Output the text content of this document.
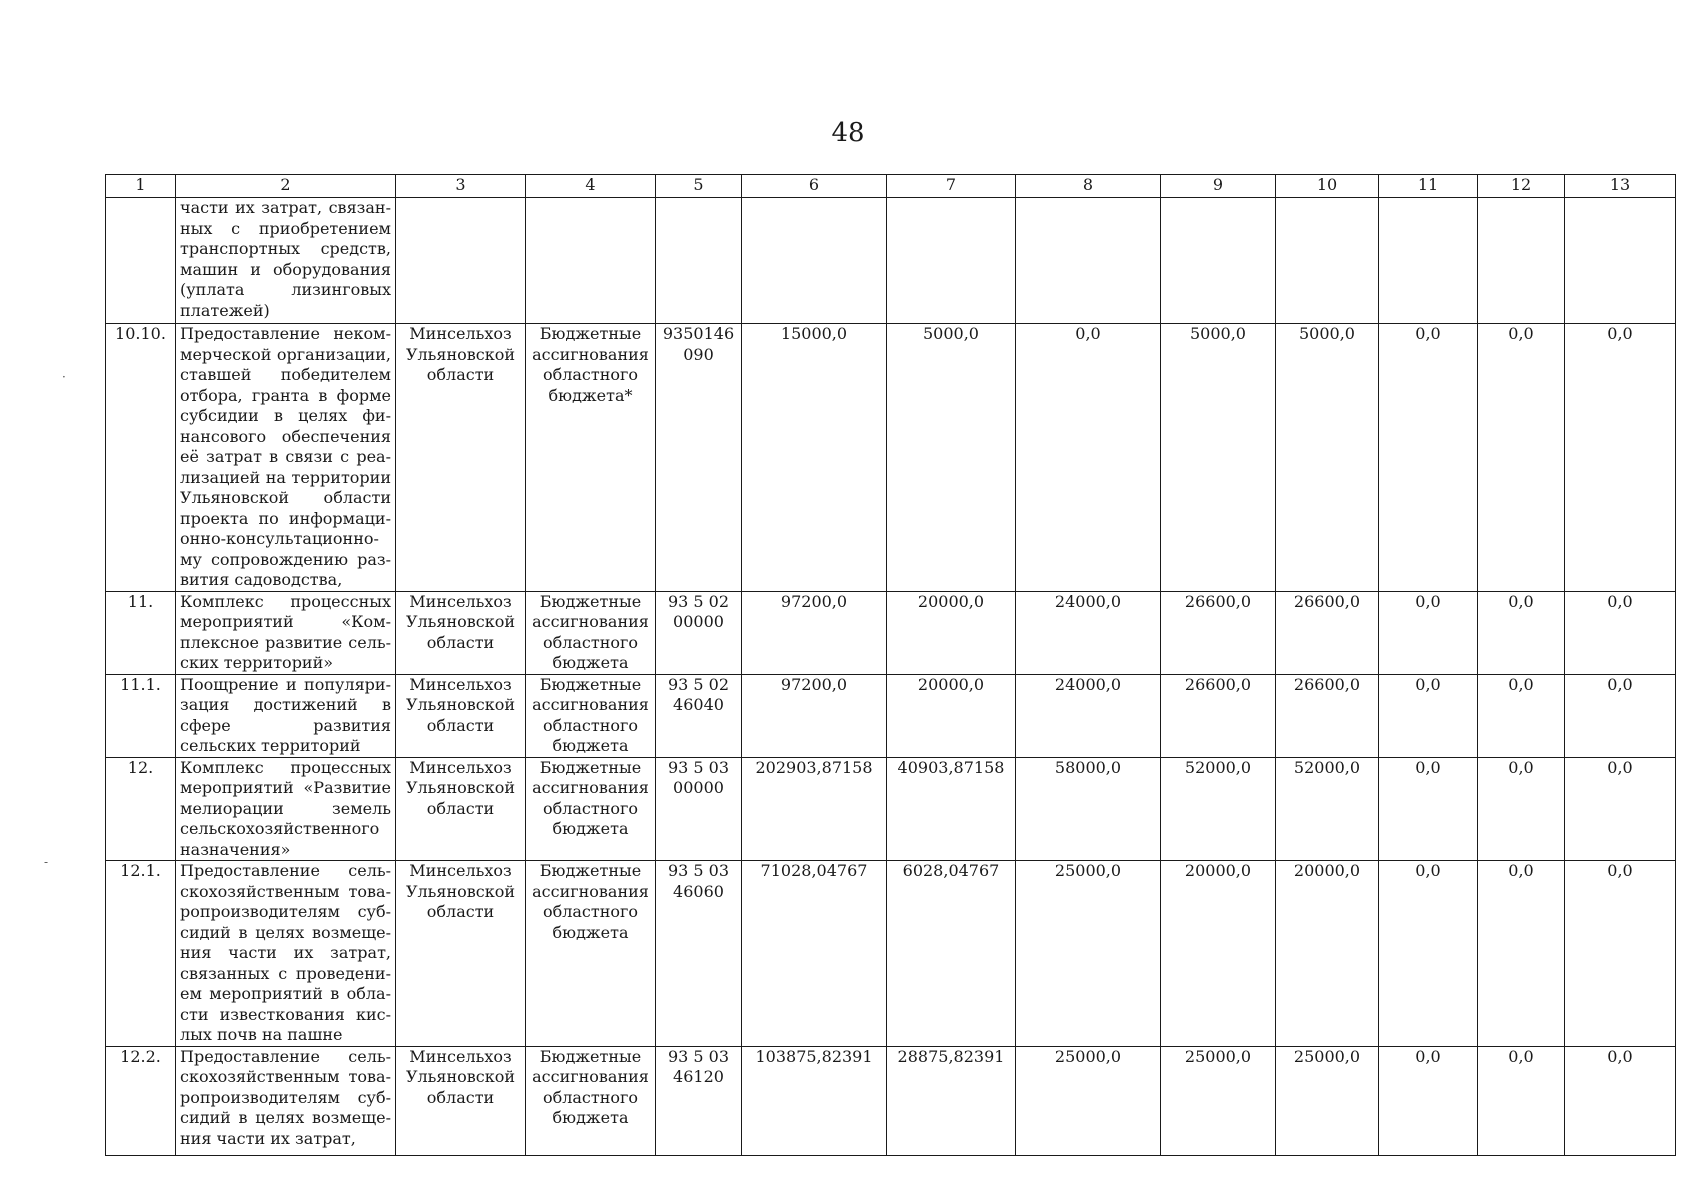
48
1	2	3	4	5	6	7	8	9	10	11	12	13
	части их затрат, связанных с приобретением транспортных средств, машин и оборудования (уплата лизинговых платежей)											
10.10.	Предоставление некоммерческой организации, ставшей победителем отбора, гранта в форме субсидии в целях финансового обеспечения её затрат в связи с реализацией на территории Ульяновской области проекта по информационно-консультационному сопровождению развития садоводства,	Минсельхоз Ульяновской области	Бюджетные ассигнования областного бюджета*	9350146 090	15000,0	5000,0	0,0	5000,0	5000,0	0,0	0,0	0,0
11.	Комплекс процессных мероприятий «Комплексное развитие сельских территорий»	Минсельхоз Ульяновской области	Бюджетные ассигнования областного бюджета	93 5 02 00000	97200,0	20000,0	24000,0	26600,0	26600,0	0,0	0,0	0,0
11.1.	Поощрение и популяризация достижений в сфере развития сельских территорий	Минсельхоз Ульяновской области	Бюджетные ассигнования областного бюджета	93 5 02 46040	97200,0	20000,0	24000,0	26600,0	26600,0	0,0	0,0	0,0
12.	Комплекс процессных мероприятий «Развитие мелиорации земель сельскохозяйственного назначения»	Минсельхоз Ульяновской области	Бюджетные ассигнования областного бюджета	93 5 03 00000	202903,87158	40903,87158	58000,0	52000,0	52000,0	0,0	0,0	0,0
12.1.	Предоставление сельскохозяйственным товаропроизводителям субсидий в целях возмещения части их затрат, связанных с проведением мероприятий в области известкования кислых почв на пашне	Минсельхоз Ульяновской области	Бюджетные ассигнования областного бюджета	93 5 03 46060	71028,04767	6028,04767	25000,0	20000,0	20000,0	0,0	0,0	0,0
12.2.	Предоставление сельскохозяйственным товаропроизводителям субсидий в целях возмещения части их затрат,	Минсельхоз Ульяновской области	Бюджетные ассигнования областного бюджета	93 5 03 46120	103875,82391	28875,82391	25000,0	25000,0	25000,0	0,0	0,0	0,0
·
-
